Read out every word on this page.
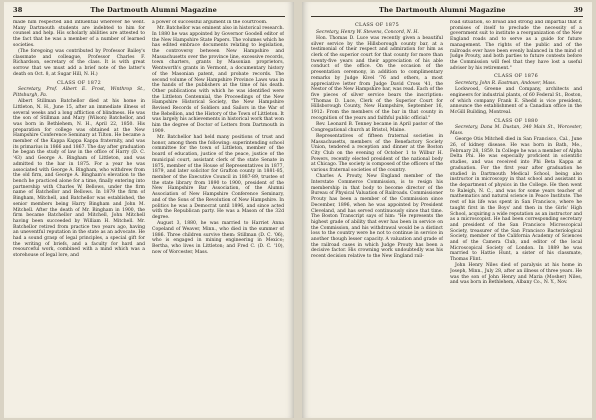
38	The Dartmouth Alumni Magazine

made him respected and influential wherever he went. Many Dartmouth students are indebted to him for counsel and help. His scholarly abilities are attested to the fact that he was a member of a number of learned societies.

(The foregoing was contributed by Professor Bailey's classmate and colleague, Professor Charles F. Richardson, secretary of the class. It is with great sorrow that we must add a brief note of the latter's death on Oct. 8, at Sugar Hill, N. H.)

CLASS OF 1872

Secretary, Prof. Albert E. Frost, Winthrop St., Pittsburgh, Pa.

Albert Stillman Batchellor died at his home in Littleton, N. H., June 15, after an immediate illness of several weeks and a long affliction of blindness. He was the son of Stillman and Mary (Wilson) Batchellor, and was born in Bethlehem, N. H., April 22, 1850. His preparation for college was obtained at the New Hampshire Conference Seminary at Tilton. He became a member of the Kappa Kappa Kappa fraternity, and was its primarius in 1866 and 1867. The day after graduation he began the study of law in the office of Harry (D. C. '43) and George A. Bingham of Littleton, and was admitted to the bar in 1875. For a year he was associated with George A. Bingham, who withdrew from the old firm, and George A. Bingham's elevation to the bench he practiced alone for a time, finally entering into partnership with Charles W. Bellows, under the firm name of Batchellor and Bellows. In 1879 the firm of Bingham, Mitchell, and Batchellor was established, the senior members being Harry Bingham and John M. Mitchell. After the death of Mr. Bingham in 1900, the firm became Batchellor and Mitchell, John Mitchell having been succeeded by William H. Mitchell. Mr. Batchellor retired from practice two years ago, having an uneventful reputation in the state as an advocate. He had a sound grasp of legal principles, a special gift for the writing of briefs, and a faculty for hard and resourceful work, combined with a mind which was a storehouse of legal lore, and

a power of successful argument in the courtroom.

Mr. Batchellor was eminent also in historical research. In 1880 he was appointed by Governor Goodell editor of the New Hampshire State Papers. The volumes which he has edited embrace documents relating to legislation, the controversy between New Hampshire and Massachusetts over the province line, excessive records, town charters, grants by Masonian proprietors, Wentworth's grants in Vermont, a documentary history of the Masonian patent, and probate records. The second volume of New Hampshire Province Laws was in the hands of the publishers at the time of his death. Other publications with which he was identified were the Littleton Centennial, the Proceedings of the New Hampshire Historical Society, the New Hampshire Revised Records of Soldiers and Sailors in the War of the Rebellion, and the History of the Town of Littleton. It was largely his achievements in historical work that won him the degree of Doctor of Letters from Dartmouth in 1909.

Mr. Batchellor had held many positions of trust and honor, among them the following: superintending school committee for the town of Littleton, member of the board of education, justice of the peace, justice of the municipal court, assistant clerk of the state Senate in 1875, member of the House of Representatives in 1877, 1879, and later solicitor for Grafton county in 1881-85, member of the Executive Council in 1887-89, trustee of the state library from 1890 to 1900, president of the New Hampshire Bar Association, of the Alumni Association of New Hampshire Conference Seminary, and of the Sons of the Revolution of New Hampshire. In politics he was a Democrat until 1896, and since acted with the Republican party. He was a Mason of the 32d degree.

August 3, 1880, he was married to Harriet Anna Copeland of Weaver, Minn., who died in the summer of 1886. Three children survive them: Stillman (D. C. '06), who is engaged in mining engineering in Mexico; Bertha, who lives in Littleton; and Fred C. (D. C. '10), now of Worcester, Mass.

The Dartmouth Alumni Magazine	39
CLASS OF 1875

Secretary, Henry W. Stevens, Concord, N. H.

Hon. Thomas D. Luce was recently given a beautiful silver service by the Hillsborough county bar, at a testimonial of their respect and admiration for him as clerk of the superior court for that county for more than twenty-five years and their appreciation of his able conduct of the office. On the occasion of the presentation ceremony, in addition to complimentary remarks by Judge Kivel '76 and others, a most appreciative letter from Judge David Cross '41, the Nestor of the New Hampshire bar, was read. Each of the five pieces of silver service bears the inscription: "Thomas D. Luce, Clerk of the Superior Court for Hillsborough County, New Hampshire, September 16, 1912: From the members of the bar in that county in recognition of the years and faithful public official."

Rev. Leonard B. Tenney became in April pastor of the Congregational church at Bristol, Maine.

Representatives of fifteen fraternal societies in Massachusetts, members of the Benefactory Society Union, tendered a reception and dinner at the Boston City Club on the evening of October 1 to Wilbur H. Powers, recently elected president of the national body at Chicago. The society is composed of the officers of the various fraternal societies of the country.

Charles A. Prouty, New England member of the Interstate Commerce Commission, is to resign his membership in that body to become director of the Bureau of Physical Valuation of Railroads. Commissioner Prouty has been a member of the Commission since December, 1896, when he was appointed by President Cleveland, and has served continuously since that time. The Boston Transcript says of him: "He represents the highest grade of ability that ever has been in service on the Commission, and his withdrawal would be a distinct loss to the country were he not to continue in service in another though lesser capacity. A valuation and grade of the railroad cases in which Judge Prouty has been a decisive factor. His crowning work undoubtedly was his recent decision relative to the New England rail-

road situation, so broad and strong and impartial that it promises of itself to preclude the necessity of a government suit to institute a reorganization of the New England roads and to serve as a guide for future management. The rights of the public and of the railroads ever have been evenly balanced in the mind of Judge Prouty, and both parties to future contests before the Commission will feel that they have lost a useful adviser by his retirement."

CLASS OF 1876

Secretary, John R. Eastman, Andover, Mass.

Lockwood, Greene and Company, architects and engineers for industrial plants, of 60 Federal St., Boston, of which company Frank E. Shedd is vice president, announce the establishment of a Canadian office in the McGill Building, Montreal.

CLASS OF 1880

Secretary, Dana M. Dustan, 340 Main St., Worcester, Mass.

George Otis Mitchell died in San Francisco, Cal., June 26, of kidney disease. He was born in Bath, Me., February 28, 1859. In College he was a member of Alpha Delta Phi. He was especially proficient in scientific studies, and was received into Phi Beta Kappa at graduation. For the first year after graduation he studied in Dartmouth Medical School, being also instructor in microscopy in that school and assistant in the department of physics in the College. He then went to Raleigh, N. C., and was for some years teacher of mathematics and natural science in Peace Institute. The rest of his life was spent in San Francisco, where he taught first in the Boys' and then in the Girls' High School, acquiring a wide reputation as an instructor and as a microscopist. He had been corresponding secretary and president of the San Francisco Microscopical Society, treasurer of the San Francisco Bacteriological Society, member of the California Academy of Sciences and of the Camera Club, and editor of the local Microscopical Society of London. In 1889 he was married to Hattie Hunt, a sister of his classmate, Thomas Flint.

John Henry Niles died of paralysis at his home in Joseph, Minn., July 28, after an illness of three years. He was the son of John Henry and Maria (Mosher) Niles, and was born in Bethlehem, Albany Co., N. Y., Nov.
